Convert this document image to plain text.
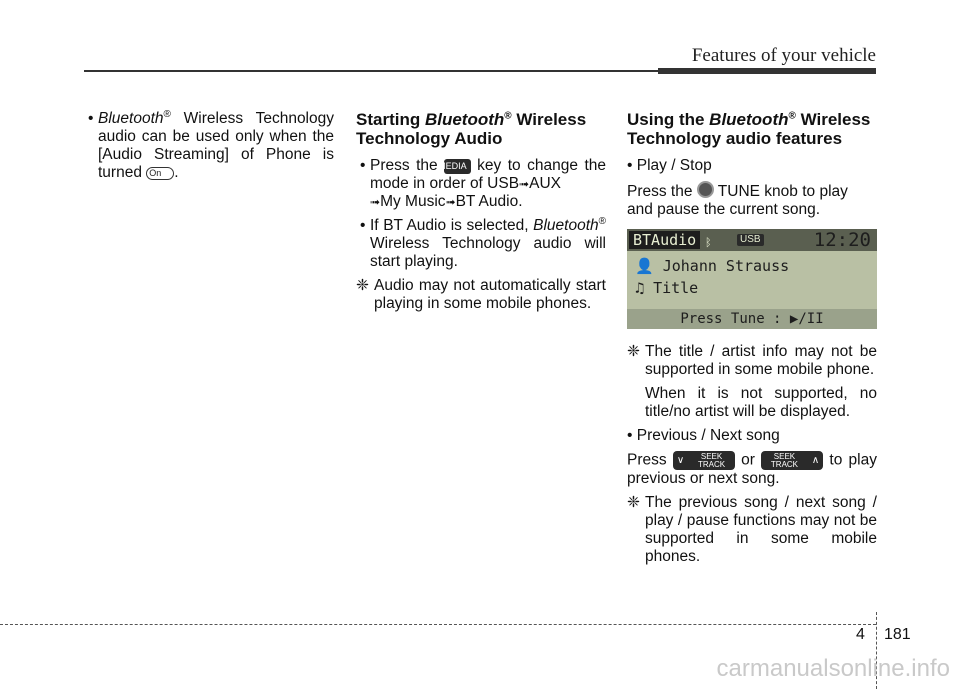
Features of your vehicle

• Bluetooth® Wireless Technology audio can be used only when the [Audio Streaming] of Phone is turned On .

Starting Bluetooth® Wireless Technology Audio

• Press the MEDIA key to change the mode in order of USB➟AUX
➟My Music➟BT Audio.

• If BT Audio is selected, Bluetooth® Wireless Technology audio will start playing.

❈ Audio may not automatically start playing in some mobile phones.

Using the Bluetooth® Wireless Technology audio features

• Play / Stop

Press the  TUNE knob to play and pause the current song.

BTAudio ᛒ	USB	12:20
👤 Johann Strauss
♫ Title
Press Tune : ▶/II

❈ The title / artist info may not be supported in some mobile phone.

When it is not supported, no title/no artist will be displayed.

• Previous / Next song

Press ∨	SEEK
TRACK or	SEEK
TRACK	∧ to play previous or next song.

❈ The previous song / next song / play / pause functions may not be supported in some mobile phones.

4 181
carmanualsonline.info
